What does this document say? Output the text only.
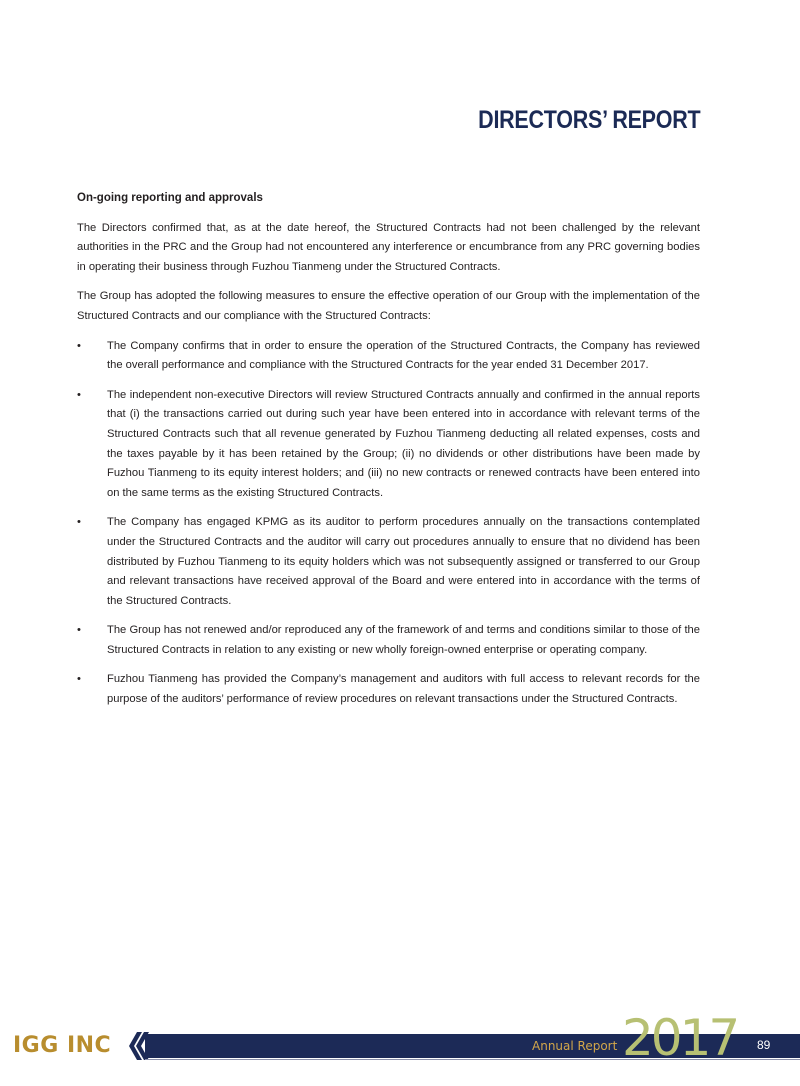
DIRECTORS’ REPORT

On-going reporting and approvals

The Directors confirmed that, as at the date hereof, the Structured Contracts had not been challenged by the relevant authorities in the PRC and the Group had not encountered any interference or encumbrance from any PRC governing bodies in operating their business through Fuzhou Tianmeng under the Structured Contracts.

The Group has adopted the following measures to ensure the effective operation of our Group with the implementation of the Structured Contracts and our compliance with the Structured Contracts:

• The Company confirms that in order to ensure the operation of the Structured Contracts, the Company has reviewed the overall performance and compliance with the Structured Contracts for the year ended 31 December 2017.
• The independent non-executive Directors will review Structured Contracts annually and confirmed in the annual reports that (i) the transactions carried out during such year have been entered into in accordance with relevant terms of the Structured Contracts such that all revenue generated by Fuzhou Tianmeng deducting all related expenses, costs and the taxes payable by it has been retained by the Group; (ii) no dividends or other distributions have been made by Fuzhou Tianmeng to its equity interest holders; and (iii) no new contracts or renewed contracts have been entered into on the same terms as the existing Structured Contracts.
• The Company has engaged KPMG as its auditor to perform procedures annually on the transactions contemplated under the Structured Contracts and the auditor will carry out procedures annually to ensure that no dividend has been distributed by Fuzhou Tianmeng to its equity holders which was not subsequently assigned or transferred to our Group and relevant transactions have received approval of the Board and were entered into in accordance with the terms of the Structured Contracts.
• The Group has not renewed and/or reproduced any of the framework of and terms and conditions similar to those of the Structured Contracts in relation to any existing or new wholly foreign-owned enterprise or operating company.
• Fuzhou Tianmeng has provided the Company’s management and auditors with full access to relevant records for the purpose of the auditors’ performance of review procedures on relevant transactions under the Structured Contracts.
IGG INC	Annual Report 2017 89
